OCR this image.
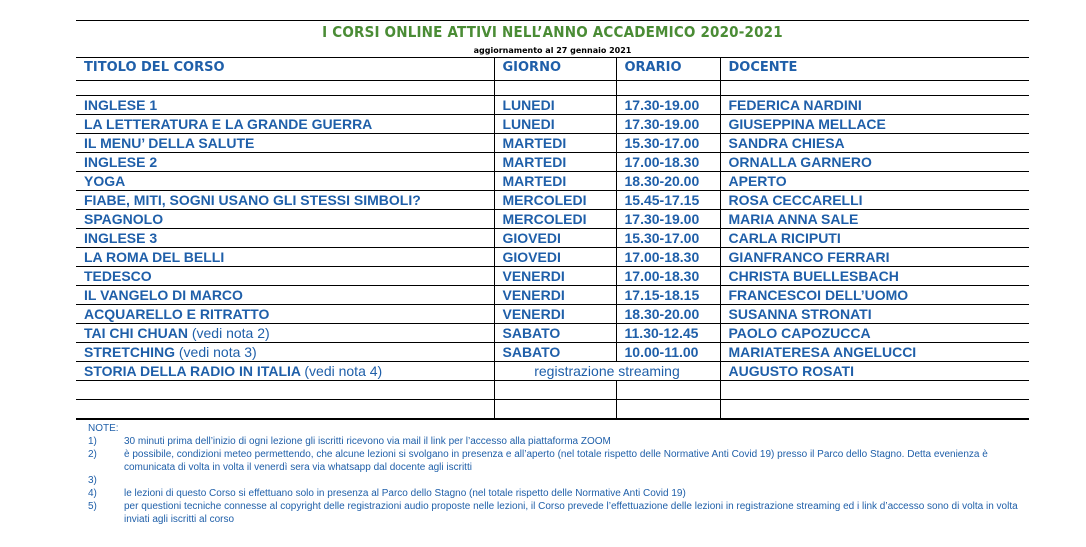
I CORSI ONLINE ATTIVI NELL’ANNO ACCADEMICO 2020-2021
aggiornamento al 27 gennaio 2021
TITOLO DEL CORSO	GIORNO	ORARIO	DOCENTE

INGLESE 1	LUNEDI	17.30-19.00	FEDERICA NARDINI
LA LETTERATURA E LA GRANDE GUERRA	LUNEDI	17.30-19.00	GIUSEPPINA MELLACE
IL MENU’ DELLA SALUTE	MARTEDI	15.30-17.00	SANDRA CHIESA
INGLESE 2	MARTEDI	17.00-18.30	ORNALLA GARNERO
YOGA	MARTEDI	18.30-20.00	APERTO
FIABE, MITI, SOGNI USANO GLI STESSI SIMBOLI?	MERCOLEDI	15.45-17.15	ROSA CECCARELLI
SPAGNOLO	MERCOLEDI	17.30-19.00	MARIA ANNA SALE
INGLESE 3	GIOVEDI	15.30-17.00	CARLA RICIPUTI
LA ROMA DEL BELLI	GIOVEDI	17.00-18.30	GIANFRANCO FERRARI
TEDESCO	VENERDI	17.00-18.30	CHRISTA BUELLESBACH
IL VANGELO DI MARCO	VENERDI	17.15-18.15	FRANCESCOI DELL’UOMO
ACQUARELLO E RITRATTO	VENERDI	18.30-20.00	SUSANNA STRONATI
TAI CHI CHUAN (vedi nota 2)	SABATO	11.30-12.45	PAOLO CAPOZUCCA
STRETCHING (vedi nota 3)	SABATO	10.00-11.00	MARIATERESA ANGELUCCI
STORIA DELLA RADIO IN ITALIA (vedi nota 4)	registrazione streaming		AUGUSTO ROSATI

NOTE:
1)	30 minuti prima dell’inizio di ogni lezione gli iscritti ricevono via mail il link per l’accesso alla piattaforma ZOOM
2)	è possibile, condizioni meteo permettendo, che alcune lezioni si svolgano in presenza e all’aperto (nel totale rispetto delle Normative Anti Covid 19) presso il Parco dello Stagno. Detta evenienza è comunicata di volta in volta il venerdì sera via whatsapp dal docente agli iscritti
3)
4)	le lezioni di questo Corso si effettuano solo in presenza al Parco dello Stagno (nel totale rispetto delle Normative Anti Covid 19)
5)	per questioni tecniche connesse al copyright delle registrazioni audio proposte nelle lezioni, il Corso prevede l’effettuazione delle lezioni in registrazione streaming ed i link d’accesso sono di volta in volta inviati agli iscritti al corso
